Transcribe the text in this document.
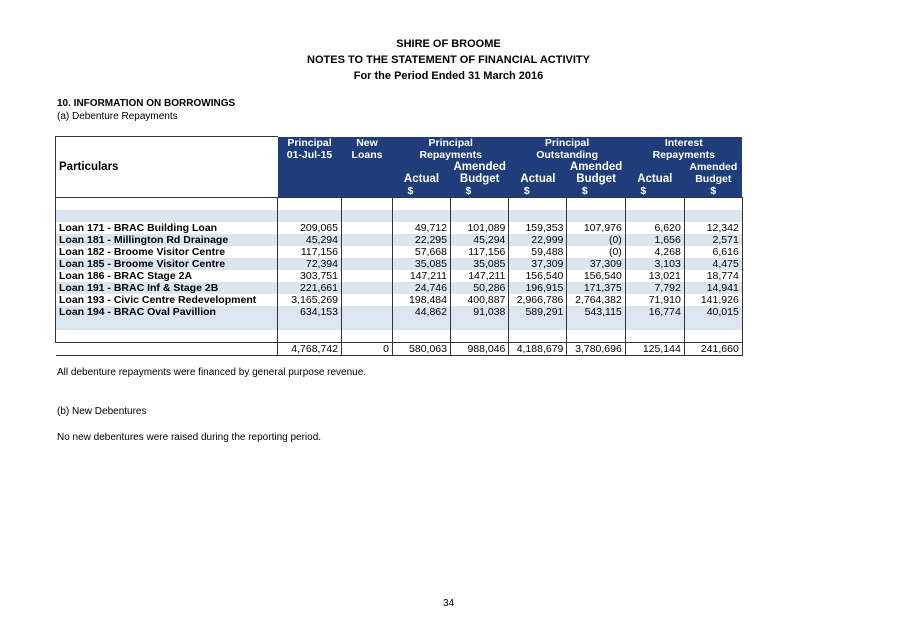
SHIRE OF BROOME
NOTES TO THE STATEMENT OF FINANCIAL ACTIVITY
For the Period Ended 31 March 2016
10. INFORMATION ON BORROWINGS
(a) Debenture Repayments
Particulars	Principal	New	Principal		Principal		Interest	
	01-Jul-15	Loans	Repayments		Outstanding		Repayments	
				Amended		Amended		Amended
			Actual	Budget	Actual	Budget	Actual	Budget
			$	$	$	$	$	$

Loan 171 - BRAC Building Loan	209,065		49,712	101,089	159,353	107,976	6,620	12,342
Loan 181 - Millington Rd Drainage	45,294		22,295	45,294	22,999	(0)	1,656	2,571
Loan 182 - Broome Visitor Centre	117,156		57,668	117,156	59,488	(0)	4,268	6,616
Loan 185 - Broome Visitor Centre	72,394		35,085	35,085	37,309	37,309	3,103	4,475
Loan 186 - BRAC Stage 2A	303,751		147,211	147,211	156,540	156,540	13,021	18,774
Loan 191 - BRAC Inf & Stage 2B	221,661		24,746	50,286	196,915	171,375	7,792	14,941
Loan 193 - Civic Centre Redevelopment	3,165,269		198,484	400,887	2,966,786	2,764,382	71,910	141,926
Loan 194 - BRAC Oval Pavillion	634,153		44,862	91,038	589,291	543,115	16,774	40,015

	4,768,742	0	580,063	988,046	4,188,679	3,780,696	125,144	241,660
All debenture repayments were financed by general purpose revenue.
(b) New Debentures
No new debentures were raised during the reporting period.
34
